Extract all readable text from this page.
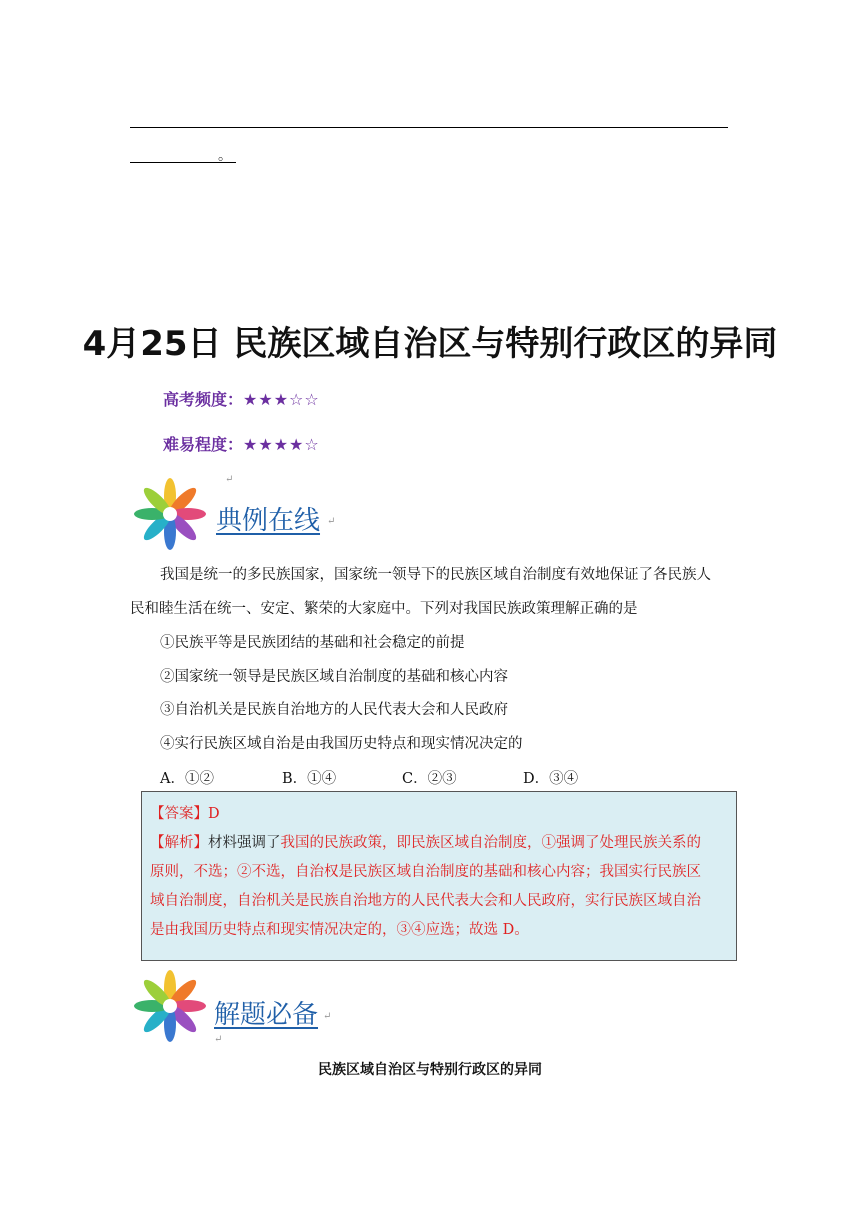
。
4月25日 民族区域自治区与特别行政区的异同
高考频度：★★★☆☆
难易程度：★★★★☆
↵
典例在线 ↵
我国是统一的多民族国家，国家统一领导下的民族区域自治制度有效地保证了各民族人
民和睦生活在统一、安定、繁荣的大家庭中。下列对我国民族政策理解正确的是
①民族平等是民族团结的基础和社会稳定的前提
②国家统一领导是民族区域自治制度的基础和核心内容
③自治机关是民族自治地方的人民代表大会和人民政府
④实行民族区域自治是由我国历史特点和现实情况决定的
A．①②	B．①④	C．②③	D．③④
【答案】D
【解析】材料强调了我国的民族政策，即民族区域自治制度，①强调了处理民族关系的
原则，不选；②不选，自治权是民族区域自治制度的基础和核心内容；我国实行民族区
域自治制度，自治机关是民族自治地方的人民代表大会和人民政府，实行民族区域自治
是由我国历史特点和现实情况决定的，③④应选；故选 D。
解题必备 ↵
↵
民族区域自治区与特别行政区的异同
